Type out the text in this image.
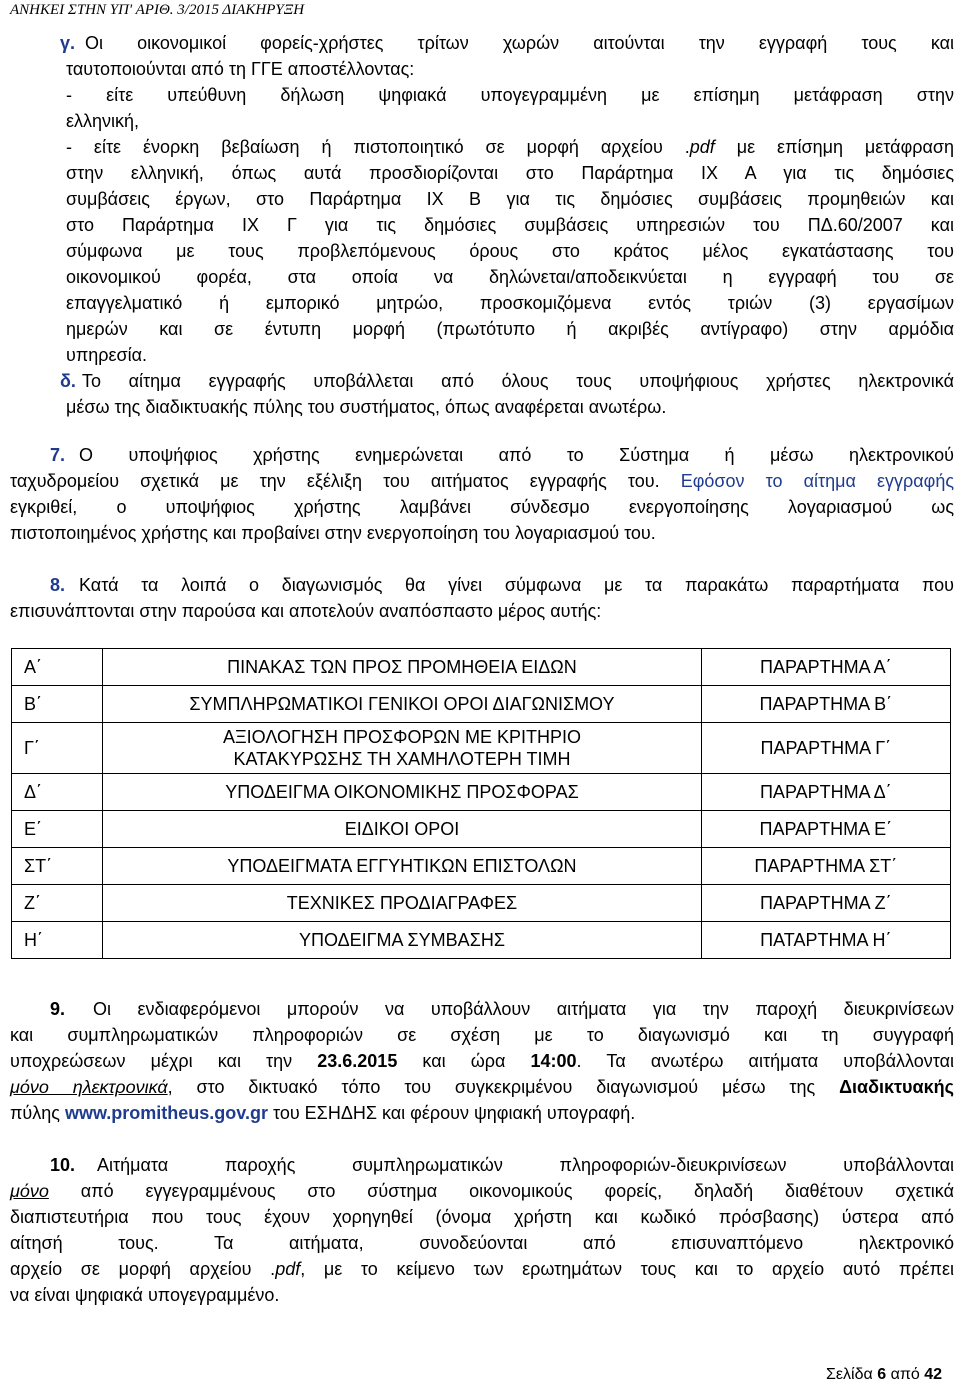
ΑΝΗΚΕΙ ΣΤΗΝ ΥΠ' ΑΡΙΘ. 3/2015 ΔΙΑΚΗΡΥΞΗ
γ. Οι οικονομικοί φορείς-χρήστες τρίτων χωρών αιτούνται την εγγραφή τους και
ταυτοποιούνται από τη ΓΓΕ αποστέλλοντας:
- είτε υπεύθυνη δήλωση ψηφιακά υπογεγραμμένη με επίσημη μετάφραση στην
ελληνική,
- είτε ένορκη βεβαίωση ή πιστοποιητικό σε μορφή αρχείου .pdf με επίσημη μετάφραση
στην ελληνική, όπως αυτά προσδιορίζονται στο Παράρτημα ΙΧ Α για τις δημόσιες
συμβάσεις έργων, στο Παράρτημα ΙΧ Β για τις δημόσιες συμβάσεις προμηθειών και
στο Παράρτημα ΙΧ Γ για τις δημόσιες συμβάσεις υπηρεσιών του ΠΔ.60/2007 και
σύμφωνα με τους προβλεπόμενους όρους στο κράτος μέλος εγκατάστασης του
οικονομικού φορέα, στα οποία να δηλώνεται/αποδεικνύεται η εγγραφή του σε
επαγγελματικό ή εμπορικό μητρώο, προσκομιζόμενα εντός τριών (3) εργασίμων
ημερών και σε έντυπη μορφή (πρωτότυπο ή ακριβές αντίγραφο) στην αρμόδια
υπηρεσία.
δ. Το αίτημα εγγραφής υποβάλλεται από όλους τους υποψήφιους χρήστες ηλεκτρονικά
μέσω της διαδικτυακής πύλης του συστήματος, όπως αναφέρεται ανωτέρω.
7. Ο υποψήφιος χρήστης ενημερώνεται από το Σύστημα ή μέσω ηλεκτρονικού
ταχυδρομείου σχετικά με την εξέλιξη του αιτήματος εγγραφής του. Εφόσον το αίτημα εγγραφής
εγκριθεί, ο υποψήφιος χρήστης λαμβάνει σύνδεσμο ενεργοποίησης λογαριασμού ως
πιστοποιημένος χρήστης και προβαίνει στην ενεργοποίηση του λογαριασμού του.
8. Κατά τα λοιπά ο διαγωνισμός θα γίνει σύμφωνα με τα παρακάτω παραρτήματα που
επισυνάπτονται στην παρούσα και αποτελούν αναπόσπαστο μέρος αυτής:
Α΄	ΠΙΝΑΚΑΣ ΤΩΝ ΠΡΟΣ ΠΡΟΜΗΘΕΙΑ ΕΙΔΩΝ	ΠΑΡΑΡΤΗΜΑ Α΄
Β΄	ΣΥΜΠΛΗΡΩΜΑΤΙΚΟΙ ΓΕΝΙΚΟΙ ΟΡΟΙ ΔΙΑΓΩΝΙΣΜΟΥ	ΠΑΡΑΡΤΗΜΑ Β΄
Γ΄	ΑΞΙΟΛΟΓΗΣΗ ΠΡΟΣΦΟΡΩΝ ΜΕ ΚΡΙΤΗΡΙΟ
ΚΑΤΑΚΥΡΩΣΗΣ ΤΗ ΧΑΜΗΛΟΤΕΡΗ ΤΙΜΗ	ΠΑΡΑΡΤΗΜΑ Γ΄
Δ΄	ΥΠΟΔΕΙΓΜΑ ΟΙΚΟΝΟΜΙΚΗΣ ΠΡΟΣΦΟΡΑΣ	ΠΑΡΑΡΤΗΜΑ Δ΄
Ε΄	ΕΙΔΙΚΟΙ ΟΡΟΙ	ΠΑΡΑΡΤΗΜΑ Ε΄
ΣΤ΄	ΥΠΟΔΕΙΓΜΑΤΑ ΕΓΓΥΗΤΙΚΩΝ ΕΠΙΣΤΟΛΩΝ	ΠΑΡΑΡΤΗΜΑ ΣΤ΄
Ζ΄	ΤΕΧΝΙΚΕΣ ΠΡΟΔΙΑΓΡΑΦΕΣ	ΠΑΡΑΡΤΗΜΑ Ζ΄
Η΄	ΥΠΟΔΕΙΓΜΑ ΣΥΜΒΑΣΗΣ	ΠΑΤΑΡΤΗΜΑ Η΄
9. Οι ενδιαφερόμενοι μπορούν να υποβάλλουν αιτήματα για την παροχή διευκρινίσεων
και συμπληρωματικών πληροφοριών σε σχέση με το διαγωνισμό και τη συγγραφή
υποχρεώσεων μέχρι και την 23.6.2015 και ώρα 14:00. Τα ανωτέρω αιτήματα υποβάλλονται
μόνο ηλεκτρονικά, στο δικτυακό τόπο του συγκεκριμένου διαγωνισμού μέσω της Διαδικτυακής
πύλης www.promitheus.gov.gr του ΕΣΗΔΗΣ και φέρουν ψηφιακή υπογραφή.
10. Αιτήματα παροχής συμπληρωματικών πληροφοριών-διευκρινίσεων υποβάλλονται
μόνο από εγγεγραμμένους στο σύστημα οικονομικούς φορείς, δηλαδή διαθέτουν σχετικά
διαπιστευτήρια που τους έχουν χορηγηθεί (όνομα χρήστη και κωδικό πρόσβασης) ύστερα από
αίτησή τους. Τα αιτήματα, συνοδεύονται από επισυναπτόμενο ηλεκτρονικό
αρχείο σε μορφή αρχείου .pdf, με το κείμενο των ερωτημάτων τους και το αρχείο αυτό πρέπει
να είναι ψηφιακά υπογεγραμμένο.
Σελίδα 6 από 42
